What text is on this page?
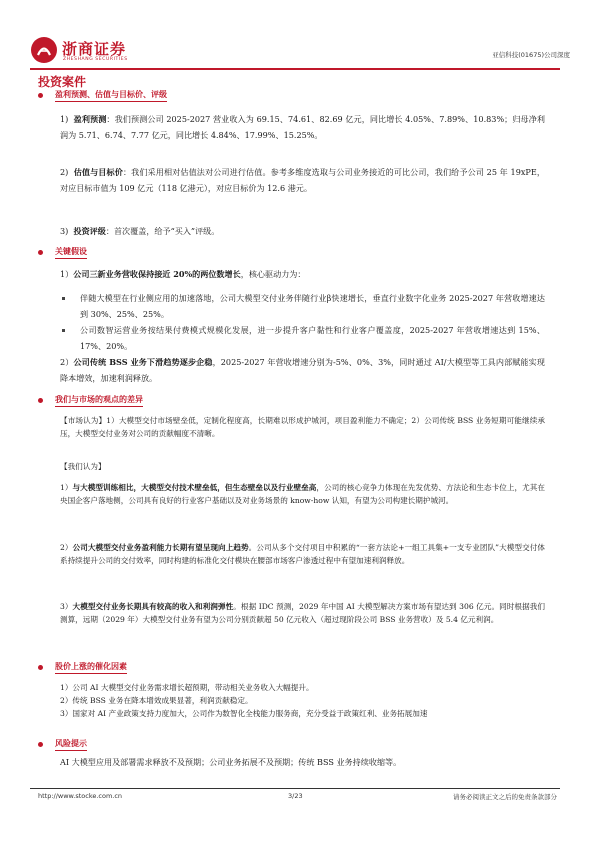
浙商证券
ZHESHANG SECURITIES
亚信科技(01675)公司深度
投资案件
盈利预测、估值与目标价、评级
1) 盈利预测：我们预测公司 2025-2027 营业收入为 69.15、74.61、82.69 亿元，同比增长 4.05%、7.89%、10.83%；归母净利润为 5.71、6.74、7.77 亿元，同比增长 4.84%、17.99%、15.25%。
2) 估值与目标价：我们采用相对估值法对公司进行估值。参考多维度选取与公司业务接近的可比公司，我们给予公司 25 年 19xPE，对应目标市值为 109 亿元（118 亿港元），对应目标价为 12.6 港元。
3) 投资评级：首次覆盖，给予“买入”评级。
关键假设
1）公司三新业务营收保持接近 20%的两位数增长，核心驱动力为：
伴随大模型在行业侧应用的加速落地，公司大模型交付业务伴随行业β快速增长，垂直行业数字化业务 2025-2027 年营收增速达到 30%、25%、25%。
公司数智运营业务按结果付费模式规模化发展，进一步提升客户黏性和行业客户覆盖度，2025-2027 年营收增速达到 15%、17%、20%。
2）公司传统 BSS 业务下滑趋势逐步企稳，2025-2027 年营收增速分别为-5%、0%、3%，同时通过 AI/大模型等工具内部赋能实现降本增效，加速利润释放。
我们与市场的观点的差异
【市场认为】1）大模型交付市场壁垒低，定制化程度高，长期难以形成护城河，项目盈利能力不确定；2）公司传统 BSS 业务短期可能继续承压，大模型交付业务对公司的贡献幅度不清晰。
【我们认为】
1）与大模型训练相比，大模型交付技术壁垒低，但生态壁垒以及行业壁垒高，公司的核心竞争力体现在先发优势、方法论和生态卡位上，尤其在央国企客户落地侧，公司具有良好的行业客户基础以及对业务场景的 know-how 认知，有望为公司构建长期护城河。
2）公司大模型交付业务盈利能力长期有望呈现向上趋势。公司从多个交付项目中积累的“一套方法论+一组工具集+一支专业团队”大模型交付体系持续提升公司的交付效率，同时构建的标准化交付模块在腰部市场客户渗透过程中有望加速利润释放。
3）大模型交付业务长期具有较高的收入和利润弹性。根据 IDC 预测，2029 年中国 AI 大模型解决方案市场有望达到 306 亿元。同时根据我们测算，远期（2029 年）大模型交付业务有望为公司分别贡献超 50 亿元收入（超过现阶段公司 BSS 业务营收）及 5.4 亿元利润。
股价上涨的催化因素
1）公司 AI 大模型交付业务需求增长超预期，带动相关业务收入大幅提升。
2）传统 BSS 业务在降本增效成果显著，利润贡献稳定。
3）国家对 AI 产业政策支持力度加大，公司作为数智化全栈能力服务商，充分受益于政策红利、业务拓展加速
风险提示
AI 大模型应用及部署需求释放不及预期；公司业务拓展不及预期；传统 BSS 业务持续收缩等。
http://www.stocke.com.cn	3/23	请务必阅读正文之后的免责条款部分
